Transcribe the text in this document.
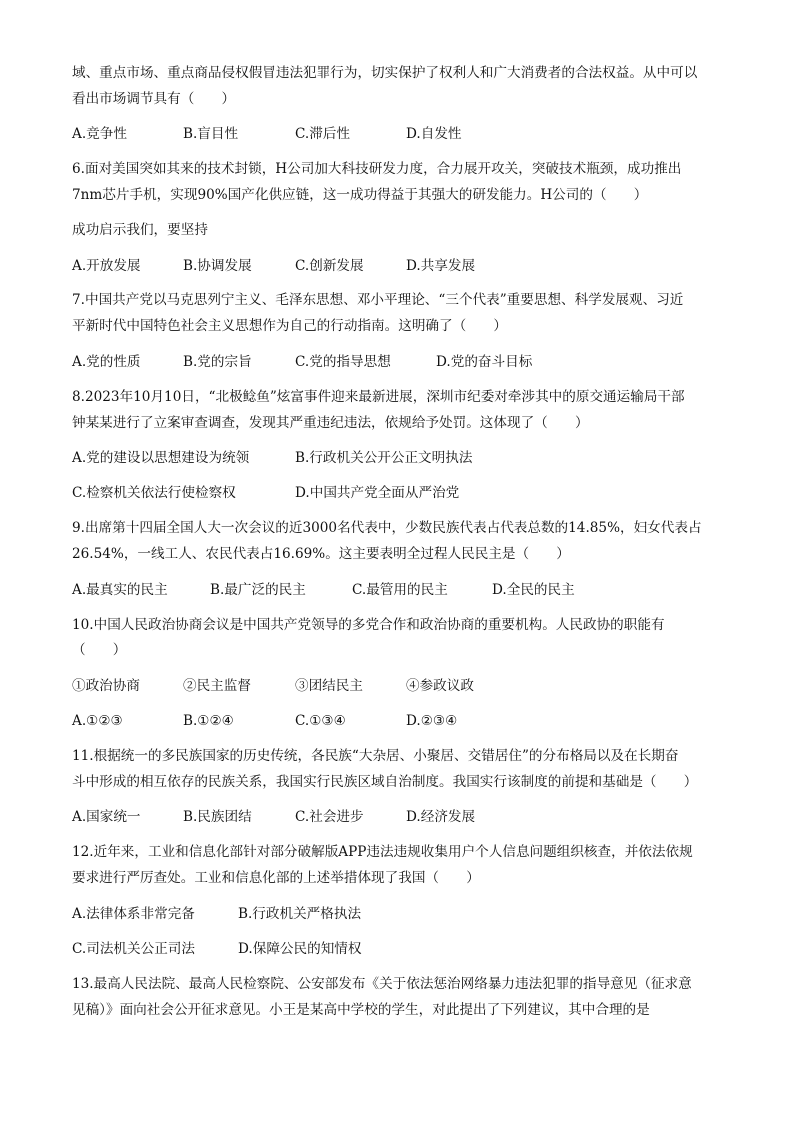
域、重点市场、重点商品侵权假冒违法犯罪行为，切实保护了权利人和广大消费者的合法权益。从中可以
看出市场调节具有（　　）
A.竞争性	B.盲目性	C.滞后性	D.自发性
6.面对美国突如其来的技术封锁，H公司加大科技研发力度，合力展开攻关，突破技术瓶颈，成功推出
7nm芯片手机，实现90%国产化供应链，这一成功得益于其强大的研发能力。H公司的（　　）
成功启示我们，要坚持
A.开放发展	B.协调发展	C.创新发展	D.共享发展
7.中国共产党以马克思列宁主义、毛泽东思想、邓小平理论、“三个代表”重要思想、科学发展观、习近
平新时代中国特色社会主义思想作为自己的行动指南。这明确了（　　）
A.党的性质	B.党的宗旨	C.党的指导思想	D.党的奋斗目标
8.2023年10月10日，“北极鲶鱼”炫富事件迎来最新进展，深圳市纪委对牵涉其中的原交通运输局干部
钟某某进行了立案审查调查，发现其严重违纪违法，依规给予处罚。这体现了（　　）
A.党的建设以思想建设为统领	B.行政机关公开公正文明执法
C.检察机关依法行使检察权	D.中国共产党全面从严治党
9.出席第十四届全国人大一次会议的近3000名代表中，少数民族代表占代表总数的14.85%，妇女代表占
26.54%，一线工人、农民代表占16.69%。这主要表明全过程人民民主是（　　）
A.最真实的民主	B.最广泛的民主	C.最管用的民主	D.全民的民主
10.中国人民政治协商会议是中国共产党领导的多党合作和政治协商的重要机构。人民政协的职能有
（　　）
①政治协商	②民主监督	③团结民主	④参政议政
A.①②③	B.①②④	C.①③④	D.②③④
11.根据统一的多民族国家的历史传统，各民族“大杂居、小聚居、交错居住”的分布格局以及在长期奋
斗中形成的相互依存的民族关系，我国实行民族区域自治制度。我国实行该制度的前提和基础是（　　）
A.国家统一	B.民族团结	C.社会进步	D.经济发展
12.近年来，工业和信息化部针对部分破解版APP违法违规收集用户个人信息问题组织核查，并依法依规
要求进行严厉查处。工业和信息化部的上述举措体现了我国（　　）
A.法律体系非常完备	B.行政机关严格执法
C.司法机关公正司法	D.保障公民的知情权
13.最高人民法院、最高人民检察院、公安部发布《关于依法惩治网络暴力违法犯罪的指导意见（征求意
见稿）》面向社会公开征求意见。小王是某高中学校的学生，对此提出了下列建议，其中合理的是
